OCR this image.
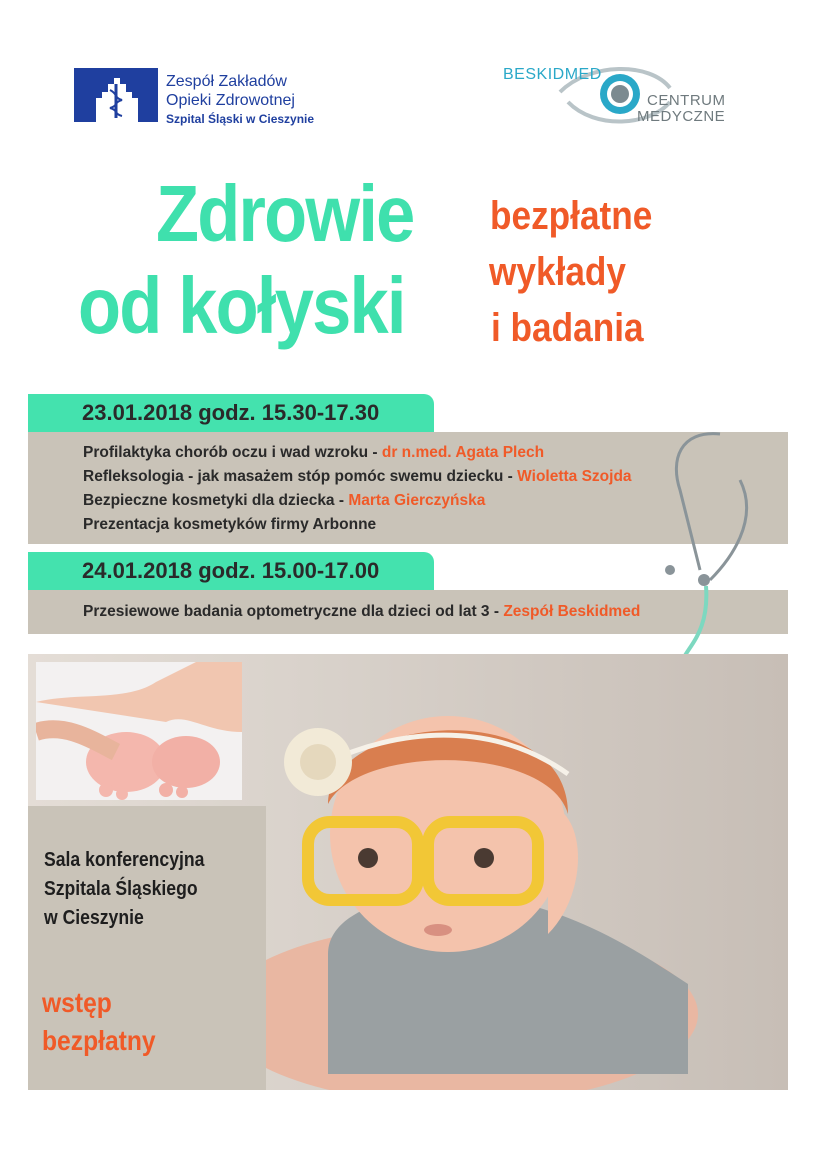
Zespół Zakładów
Opieki Zdrowotnej
Szpital Śląski w Cieszynie
BESKIDMED
CENTRUM
MEDYCZNE
Zdrowie
od kołyski
bezpłatne
wykłady
i badania
23.01.2018 godz. 15.30-17.30
Profilaktyka chorób oczu i wad wzroku - dr n.med. Agata Plech
Refleksologia - jak masażem stóp pomóc swemu dziecku - Wioletta Szojda
Bezpieczne kosmetyki dla dziecka - Marta Gierczyńska
Prezentacja kosmetyków firmy Arbonne
24.01.2018 godz. 15.00-17.00
Przesiewowe badania optometryczne dla dzieci od lat 3 - Zespół Beskidmed
Sala konferencyjna
Szpitala Śląskiego
w Cieszynie
wstęp
bezpłatny
